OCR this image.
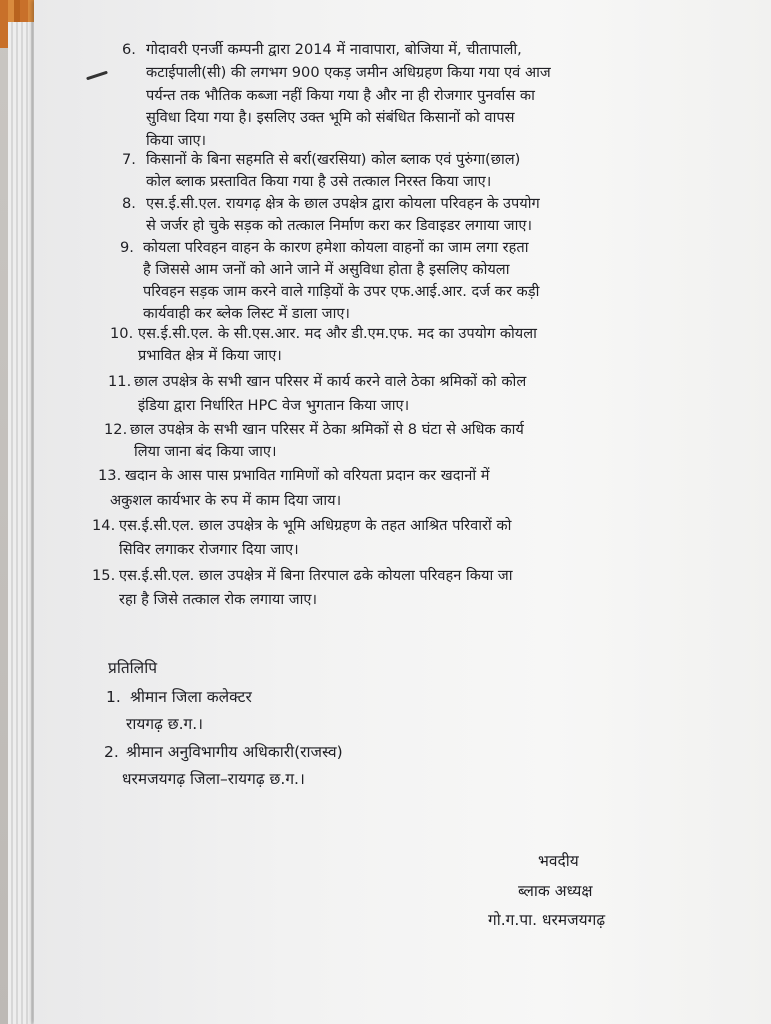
6. गोदावरी एनर्जी कम्पनी द्वारा 2014 में नावापारा, बोजिया में, चीतापाली,
कटाईपाली(सी) की लगभग 900 एकड़ जमीन अधिग्रहण किया गया एवं आज
पर्यन्त तक भौतिक कब्जा नहीं किया गया है और ना ही रोजगार पुनर्वास का
सुविधा दिया गया है। इसलिए उक्त भूमि को संबंधित किसानों को वापस
किया जाए।
7. किसानों के बिना सहमति से बर्रा(खरसिया) कोल ब्लाक एवं पुरुंगा(छाल)
कोल ब्लाक प्रस्तावित किया गया है उसे तत्काल निरस्त किया जाए।
8. एस.ई.सी.एल. रायगढ़ क्षेत्र के छाल उपक्षेत्र द्वारा कोयला परिवहन के उपयोग
से जर्जर हो चुके सड़क को तत्काल निर्माण करा कर डिवाइडर लगाया जाए।
9. कोयला परिवहन वाहन के कारण हमेशा कोयला वाहनों का जाम लगा रहता
है जिससे आम जनों को आने जाने में असुविधा होता है इसलिए कोयला
परिवहन सड़क जाम करने वाले गाड़ियों के उपर एफ.आई.आर. दर्ज कर कड़ी
कार्यवाही कर ब्लेक लिस्ट में डाला जाए।
10. एस.ई.सी.एल. के सी.एस.आर. मद और डी.एम.एफ. मद का उपयोग कोयला
प्रभावित क्षेत्र में किया जाए।
11. छाल उपक्षेत्र के सभी खान परिसर में कार्य करने वाले ठेका श्रमिकों को कोल
इंडिया द्वारा निर्धारित HPC वेज भुगतान किया जाए।
12. छाल उपक्षेत्र के सभी खान परिसर में ठेका श्रमिकों से 8 घंटा से अधिक कार्य
लिया जाना बंद किया जाए।
13. खदान के आस पास प्रभावित गामिणों को वरियता प्रदान कर खदानों में
अकुशल कार्यभार के रुप में काम दिया जाय।
14. एस.ई.सी.एल. छाल उपक्षेत्र के भूमि अधिग्रहण के तहत आश्रित परिवारों को
सिविर लगाकर रोजगार दिया जाए।
15. एस.ई.सी.एल. छाल उपक्षेत्र में बिना तिरपाल ढके कोयला परिवहन किया जा
रहा है जिसे तत्काल रोक लगाया जाए।
प्रतिलिपि
1. श्रीमान जिला कलेक्टर
रायगढ़ छ.ग.।
2. श्रीमान अनुविभागीय अधिकारी(राजस्व)
धरमजयगढ़ जिला–रायगढ़ छ.ग.।
भवदीय
ब्लाक अध्यक्ष
गो.ग.पा. धरमजयगढ़
